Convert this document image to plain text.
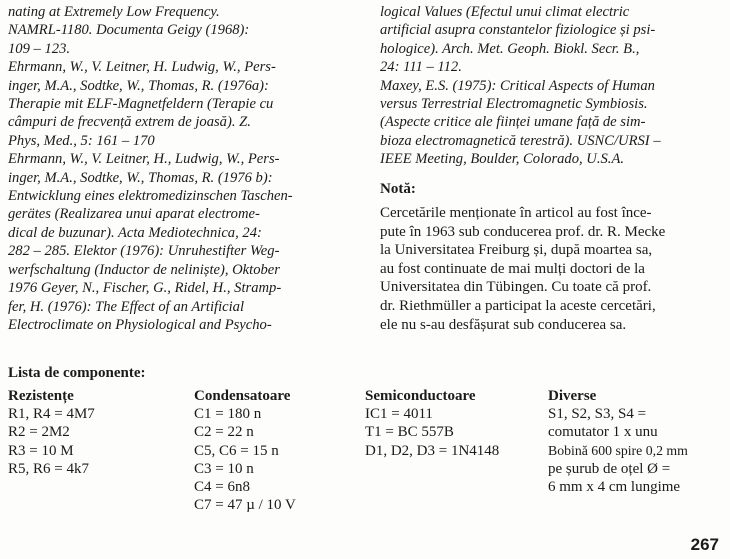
nating at Extremely Low Frequency.
NAMRL-1180. Documenta Geigy (1968):
109 – 123.
Ehrmann, W., V. Leitner, H. Ludwig, W., Pers-
inger, M.A., Sodtke, W., Thomas, R. (1976a):
Therapie mit ELF-Magnetfeldern (Terapie cu
câmpuri de frecvență extrem de joasă). Z.
Phys, Med., 5: 161 – 170
Ehrmann, W., V. Leitner, H., Ludwig, W., Pers-
inger, M.A., Sodtke, W., Thomas, R. (1976 b):
Entwicklung eines elektromedizinschen Taschen-
gerätes (Realizarea unui aparat electrome-
dical de buzunar). Acta Mediotechnica, 24:
282 – 285. Elektor (1976): Unruhestifter Weg-
werfschaltung (Inductor de neliniște), Oktober
1976 Geyer, N., Fischer, G., Ridel, H., Stramp-
fer, H. (1976): The Effect of an Artificial
Electroclimate on Physiological and Psycho-
logical Values (Efectul unui climat electric
artificial asupra constantelor fiziologice și psi-
hologice). Arch. Met. Geoph. Biokl. Secr. B.,
24: 111 – 112.
Maxey, E.S. (1975): Critical Aspects of Human
versus Terrestrial Electromagnetic Symbiosis.
(Aspecte critice ale ființei umane față de sim-
bioza electromagnetică terestră). USNC/URSI –
IEEE Meeting, Boulder, Colorado, U.S.A.
Notă:
Cercetările menționate în articol au fost înce-
pute în 1963 sub conducerea prof. dr. R. Mecke
la Universitatea Freiburg și, după moartea sa,
au fost continuate de mai mulți doctori de la
Universitatea din Tübingen. Cu toate că prof.
dr. Riethmüller a participat la aceste cercetări,
ele nu s-au desfășurat sub conducerea sa.
Lista de componente:
Rezistențe
R1, R4 = 4M7
R2 = 2M2
R3 = 10 M
R5, R6 = 4k7
Condensatoare
C1 = 180 n
C2 = 22 n
C5, C6 = 15 n
C3 = 10 n
C4 = 6n8
C7 = 47 µ / 10 V
Semiconductoare
IC1 = 4011
T1 = BC 557B
D1, D2, D3 = 1N4148
Diverse
S1, S2, S3, S4 =
comutator 1 x unu
Bobină 600 spire 0,2 mm
pe șurub de oțel Ø =
6 mm x 4 cm lungime
267
